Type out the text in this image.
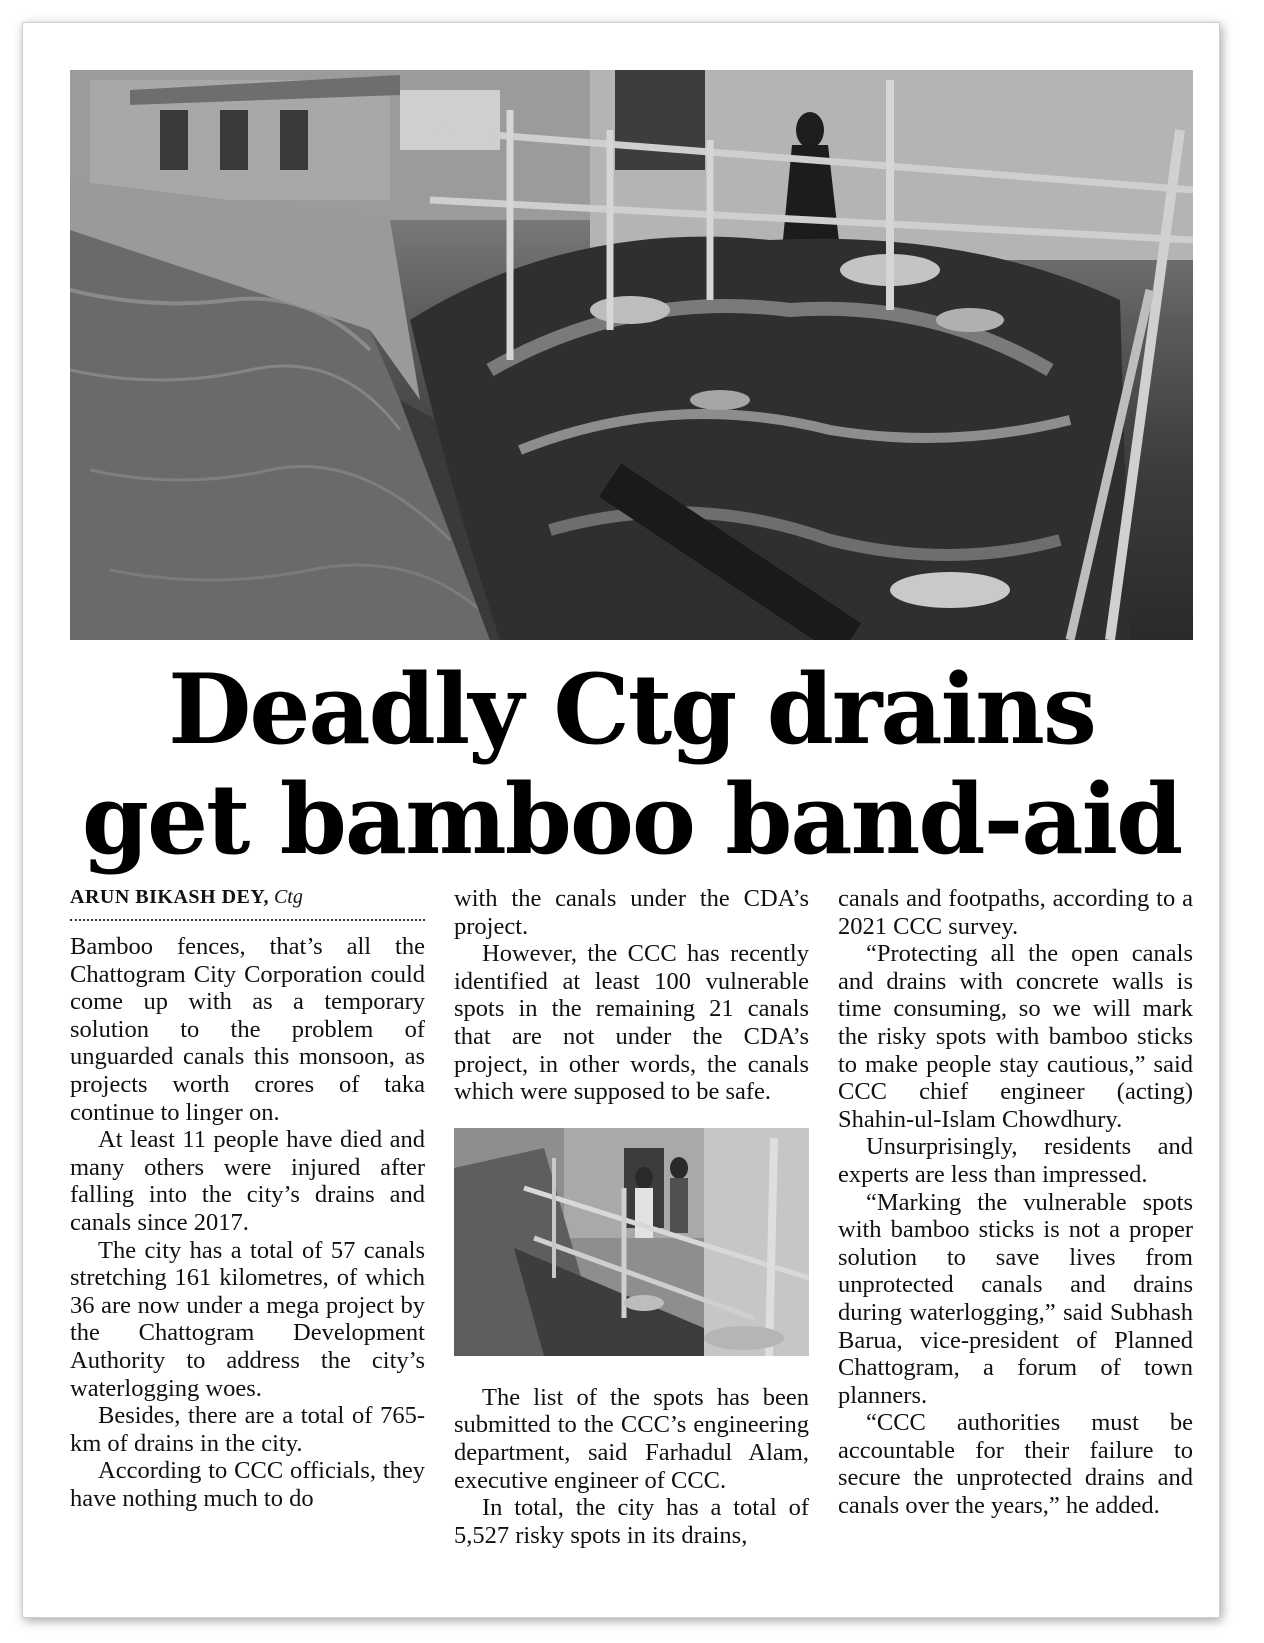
Deadly Ctg drains get bamboo band-aid
ARUN BIKASH DEY, Ctg

Bamboo fences, that’s all the Chattogram City Corporation could come up with as a temporary solution to the problem of unguarded canals this monsoon, as projects worth crores of taka continue to linger on.

At least 11 people have died and many others were injured after falling into the city’s drains and canals since 2017.

The city has a total of 57 canals stretching 161 kilometres, of which 36 are now under a mega project by the Chattogram Development Authority to address the city’s waterlogging woes.

Besides, there are a total of 765-km of drains in the city.

According to CCC officials, they have nothing much to do

with the canals under the CDA’s project.

However, the CCC has recently identified at least 100 vulnerable spots in the remaining 21 canals that are not under the CDA’s project, in other words, the canals which were supposed to be safe.

The list of the spots has been submitted to the CCC’s engineering department, said Farhadul Alam, executive engineer of CCC.

In total, the city has a total of 5,527 risky spots in its drains,

canals and footpaths, according to a 2021 CCC survey.

“Protecting all the open canals and drains with concrete walls is time consuming, so we will mark the risky spots with bamboo sticks to make people stay cautious,” said CCC chief engineer (acting) Shahin-ul-Islam Chowdhury.

Unsurprisingly, residents and experts are less than impressed.

“Marking the vulnerable spots with bamboo sticks is not a proper solution to save lives from unprotected canals and drains during waterlogging,” said Subhash Barua, vice-president of Planned Chattogram, a forum of town planners.

“CCC authorities must be accountable for their failure to secure the unprotected drains and canals over the years,” he added.
